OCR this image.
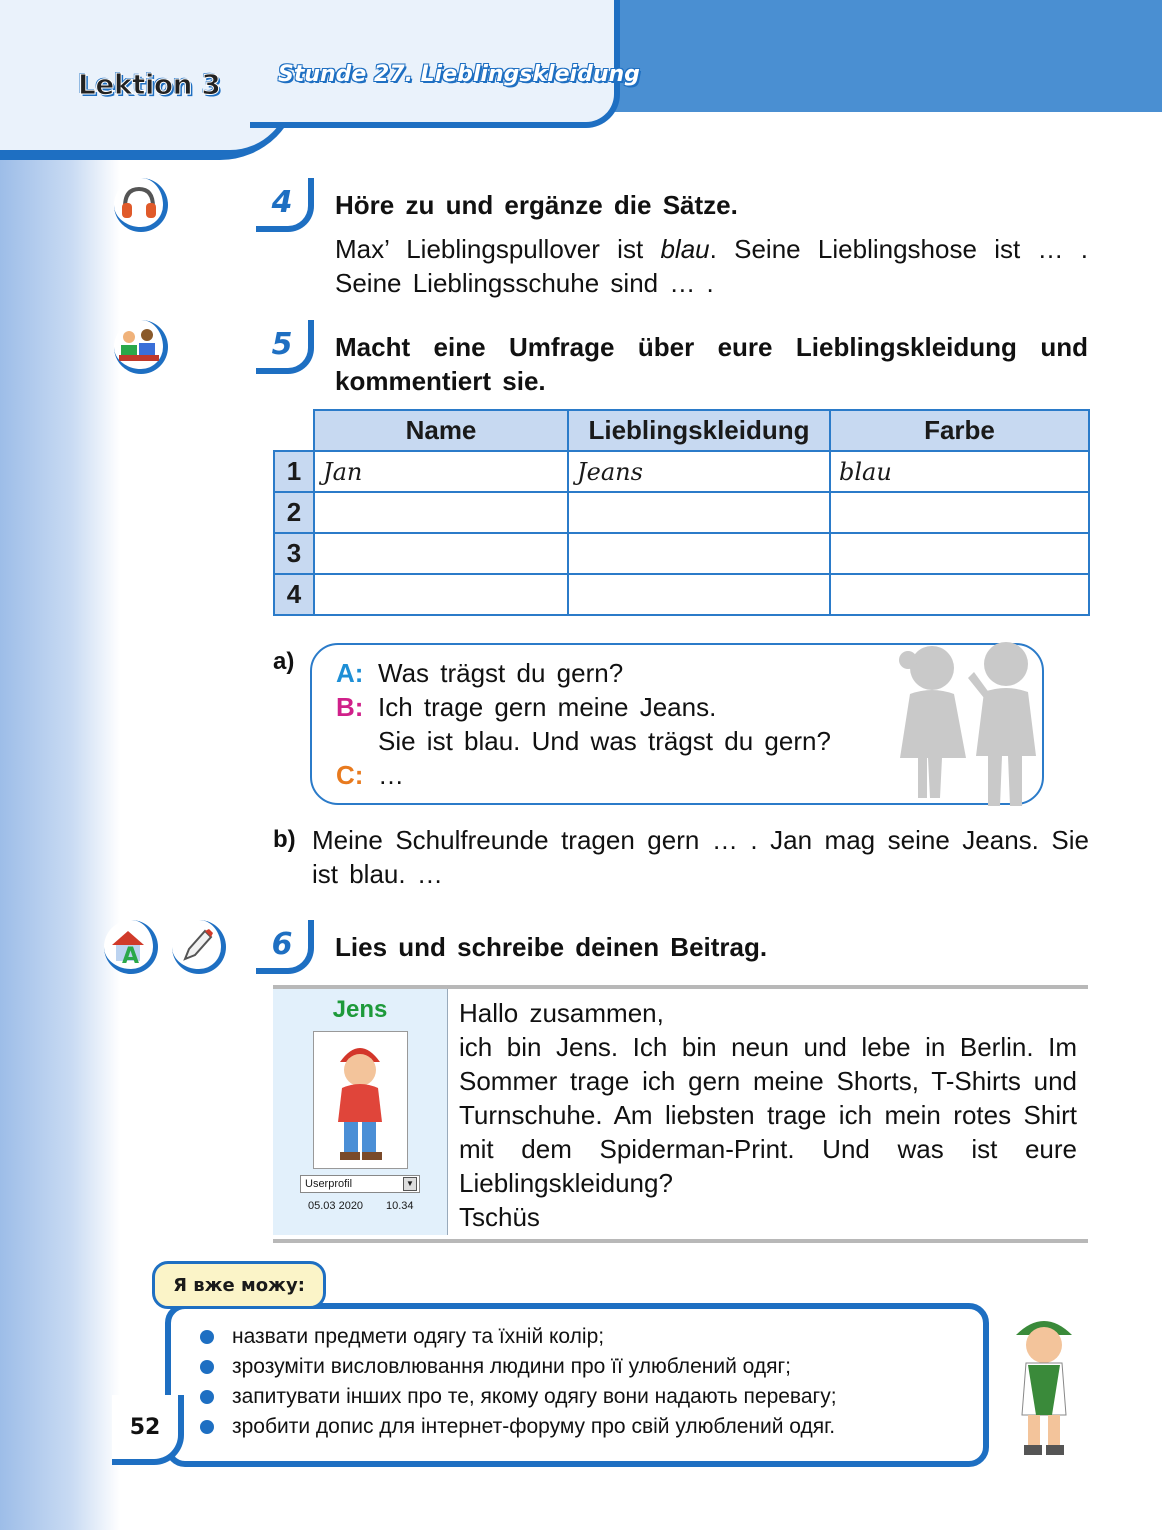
Lektion 3	Stunde 27. Lieblingskleidung
4	Höre zu und ergänze die Sätze.
Max’ Lieblingspullover ist blau. Seine Lieblingshose ist … . Seine Lieblingsschuhe sind … .
5	Macht eine Umfrage über eure Lieblingskleidung und kommentiert sie.
	Name	Lieblingskleidung	Farbe
1	Jan	Jeans	blau
2			
3			
4			
a) A: Was trägst du gern?
B: Ich trage gern meine Jeans.
Sie ist blau. Und was trägst du gern?
C: …
b) Meine Schulfreunde tragen gern … . Jan mag seine Jeans. Sie ist blau. …
A	6	Lies und schreibe deinen Beitrag.
Jens
Userprofil	▼
05.03 2020 10.34
Hallo zusammen,
ich bin Jens. Ich bin neun und lebe in Berlin. Im Sommer trage ich gern meine Shorts, T-Shirts und Turnschuhe. Am liebsten trage ich mein rotes Shirt mit dem Spiderman-Print. Und was ist eure Lieblingskleidung?
Tschüs
Я вже можу:
назвати предмети одягу та їхній колір;
зрозуміти висловлювання людини про її улюблений одяг;
запитувати інших про те, якому одягу вони надають перевагу;
зробити допис для інтернет-форуму про свій улюблений одяг.
52
